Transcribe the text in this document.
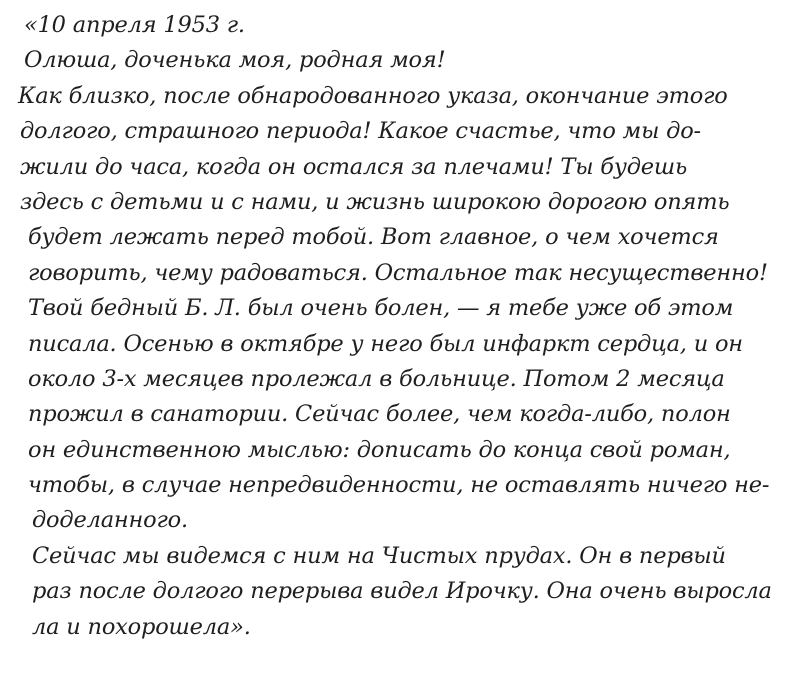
«10 апреля 1953 г.
Олюша, доченька моя, родная моя!
Как близко, после обнародованного указа, окончание этого
долгого, страшного периода! Какое счастье, что мы до-
жили до часа, когда он остался за плечами! Ты будешь
здесь с детьми и с нами, и жизнь широкою дорогою опять
будет лежать перед тобой. Вот главное, о чем хочется
говорить, чему радоваться. Остальное так несущественно!
Твой бедный Б. Л. был очень болен, — я тебе уже об этом
писала. Осенью в октябре у него был инфаркт сердца, и он
около 3-х месяцев пролежал в больнице. Потом 2 месяца
прожил в санатории. Сейчас более, чем когда-либо, полон
он единственною мыслью: дописать до конца свой роман,
чтобы, в случае непредвиденности, не оставлять ничего не-
доделанного.
Сейчас мы видемся с ним на Чистых прудах. Он в первый
раз после долгого перерыва видел Ирочку. Она очень выросла
ла и похорошела».
